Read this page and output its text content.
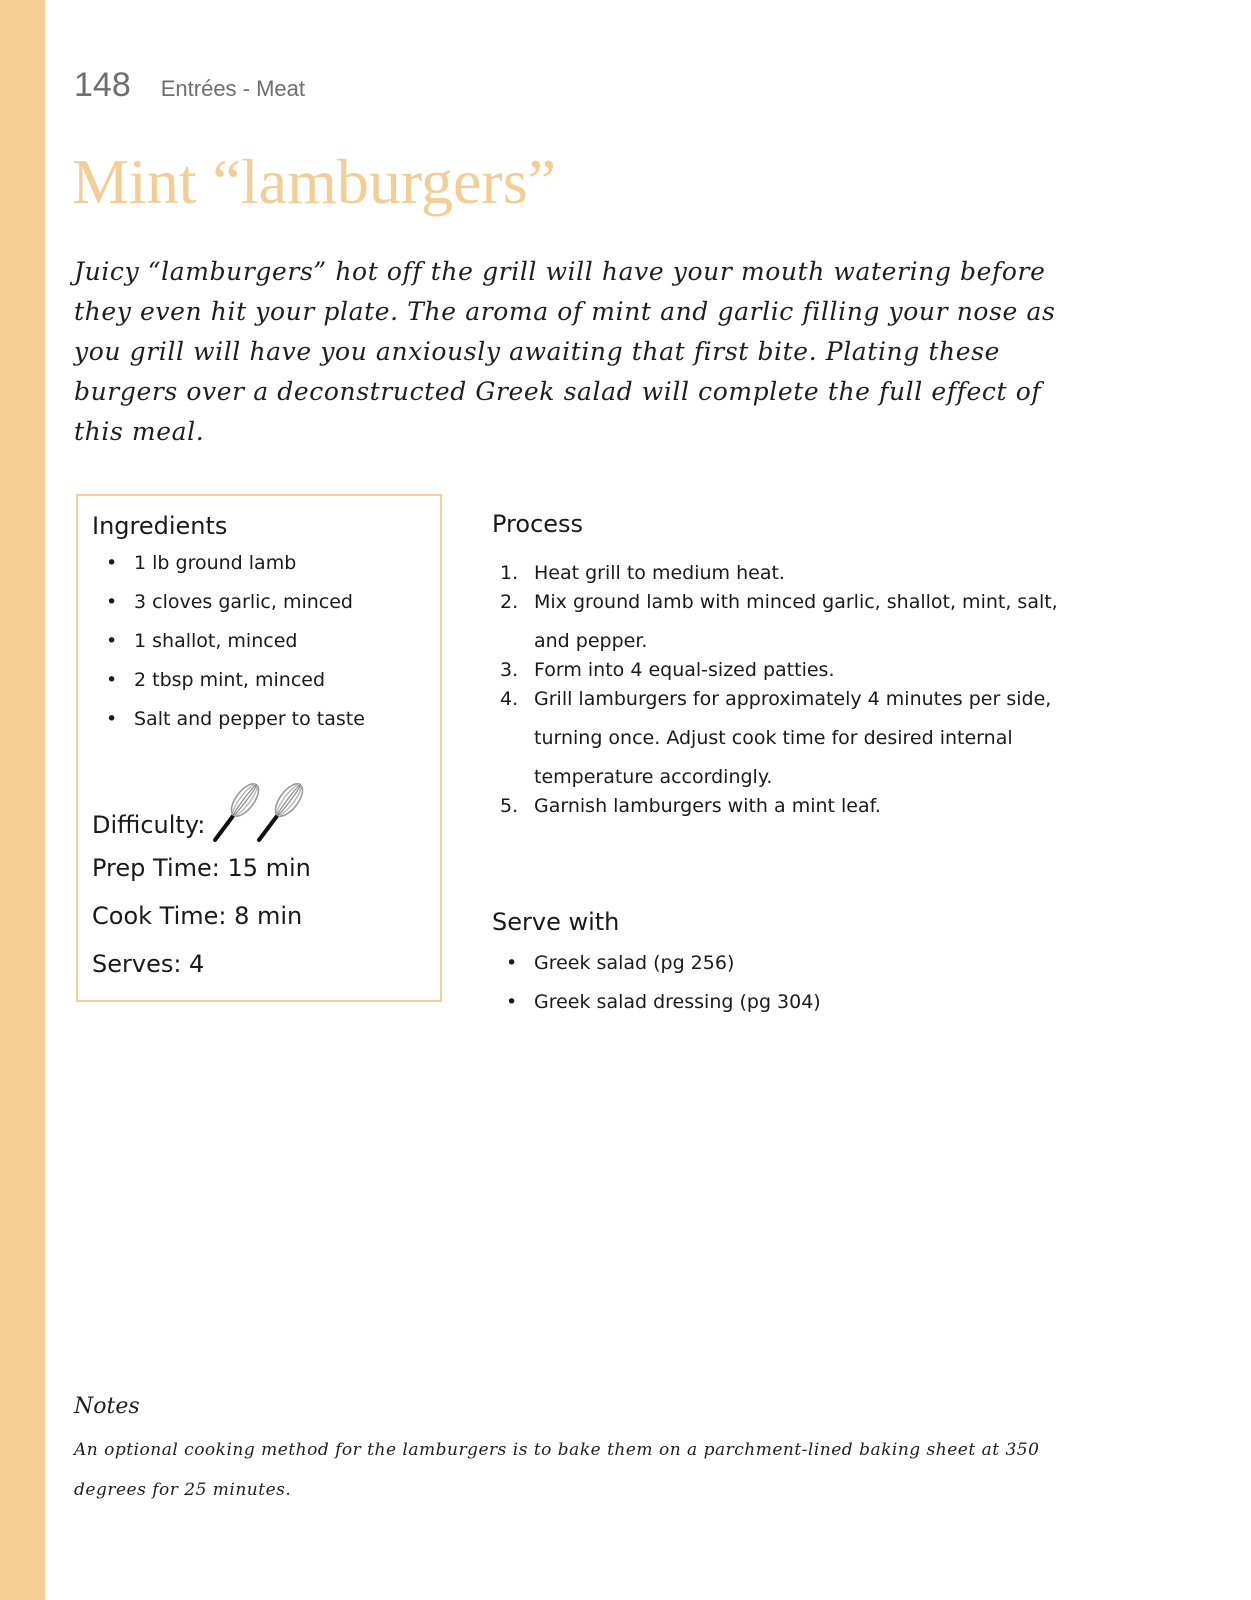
148 Entrées - Meat
Mint “lamburgers”

Juicy “lamburgers” hot off the grill will have your mouth watering before they even hit your plate. The aroma of mint and garlic filling your nose as you grill will have you anxiously awaiting that first bite. Plating these burgers over a deconstructed Greek salad will complete the full effect of this meal.

Ingredients
• 1 lb ground lamb
• 3 cloves garlic, minced
• 1 shallot, minced
• 2 tbsp mint, minced
• Salt and pepper to taste

Difficulty:

Prep Time: 15 min

Cook Time: 8 min

Serves: 4

Process
1. Heat grill to medium heat.
2. Mix ground lamb with minced garlic, shallot, mint, salt, and pepper.
3. Form into 4 equal-sized patties.
4. Grill lamburgers for approximately 4 minutes per side, turning once. Adjust cook time for desired internal temperature accordingly.
5. Garnish lamburgers with a mint leaf.
Serve with
• Greek salad (pg 256)
• Greek salad dressing (pg 304)
Notes

An optional cooking method for the lamburgers is to bake them on a parchment-lined baking sheet at 350 degrees for 25 minutes.
